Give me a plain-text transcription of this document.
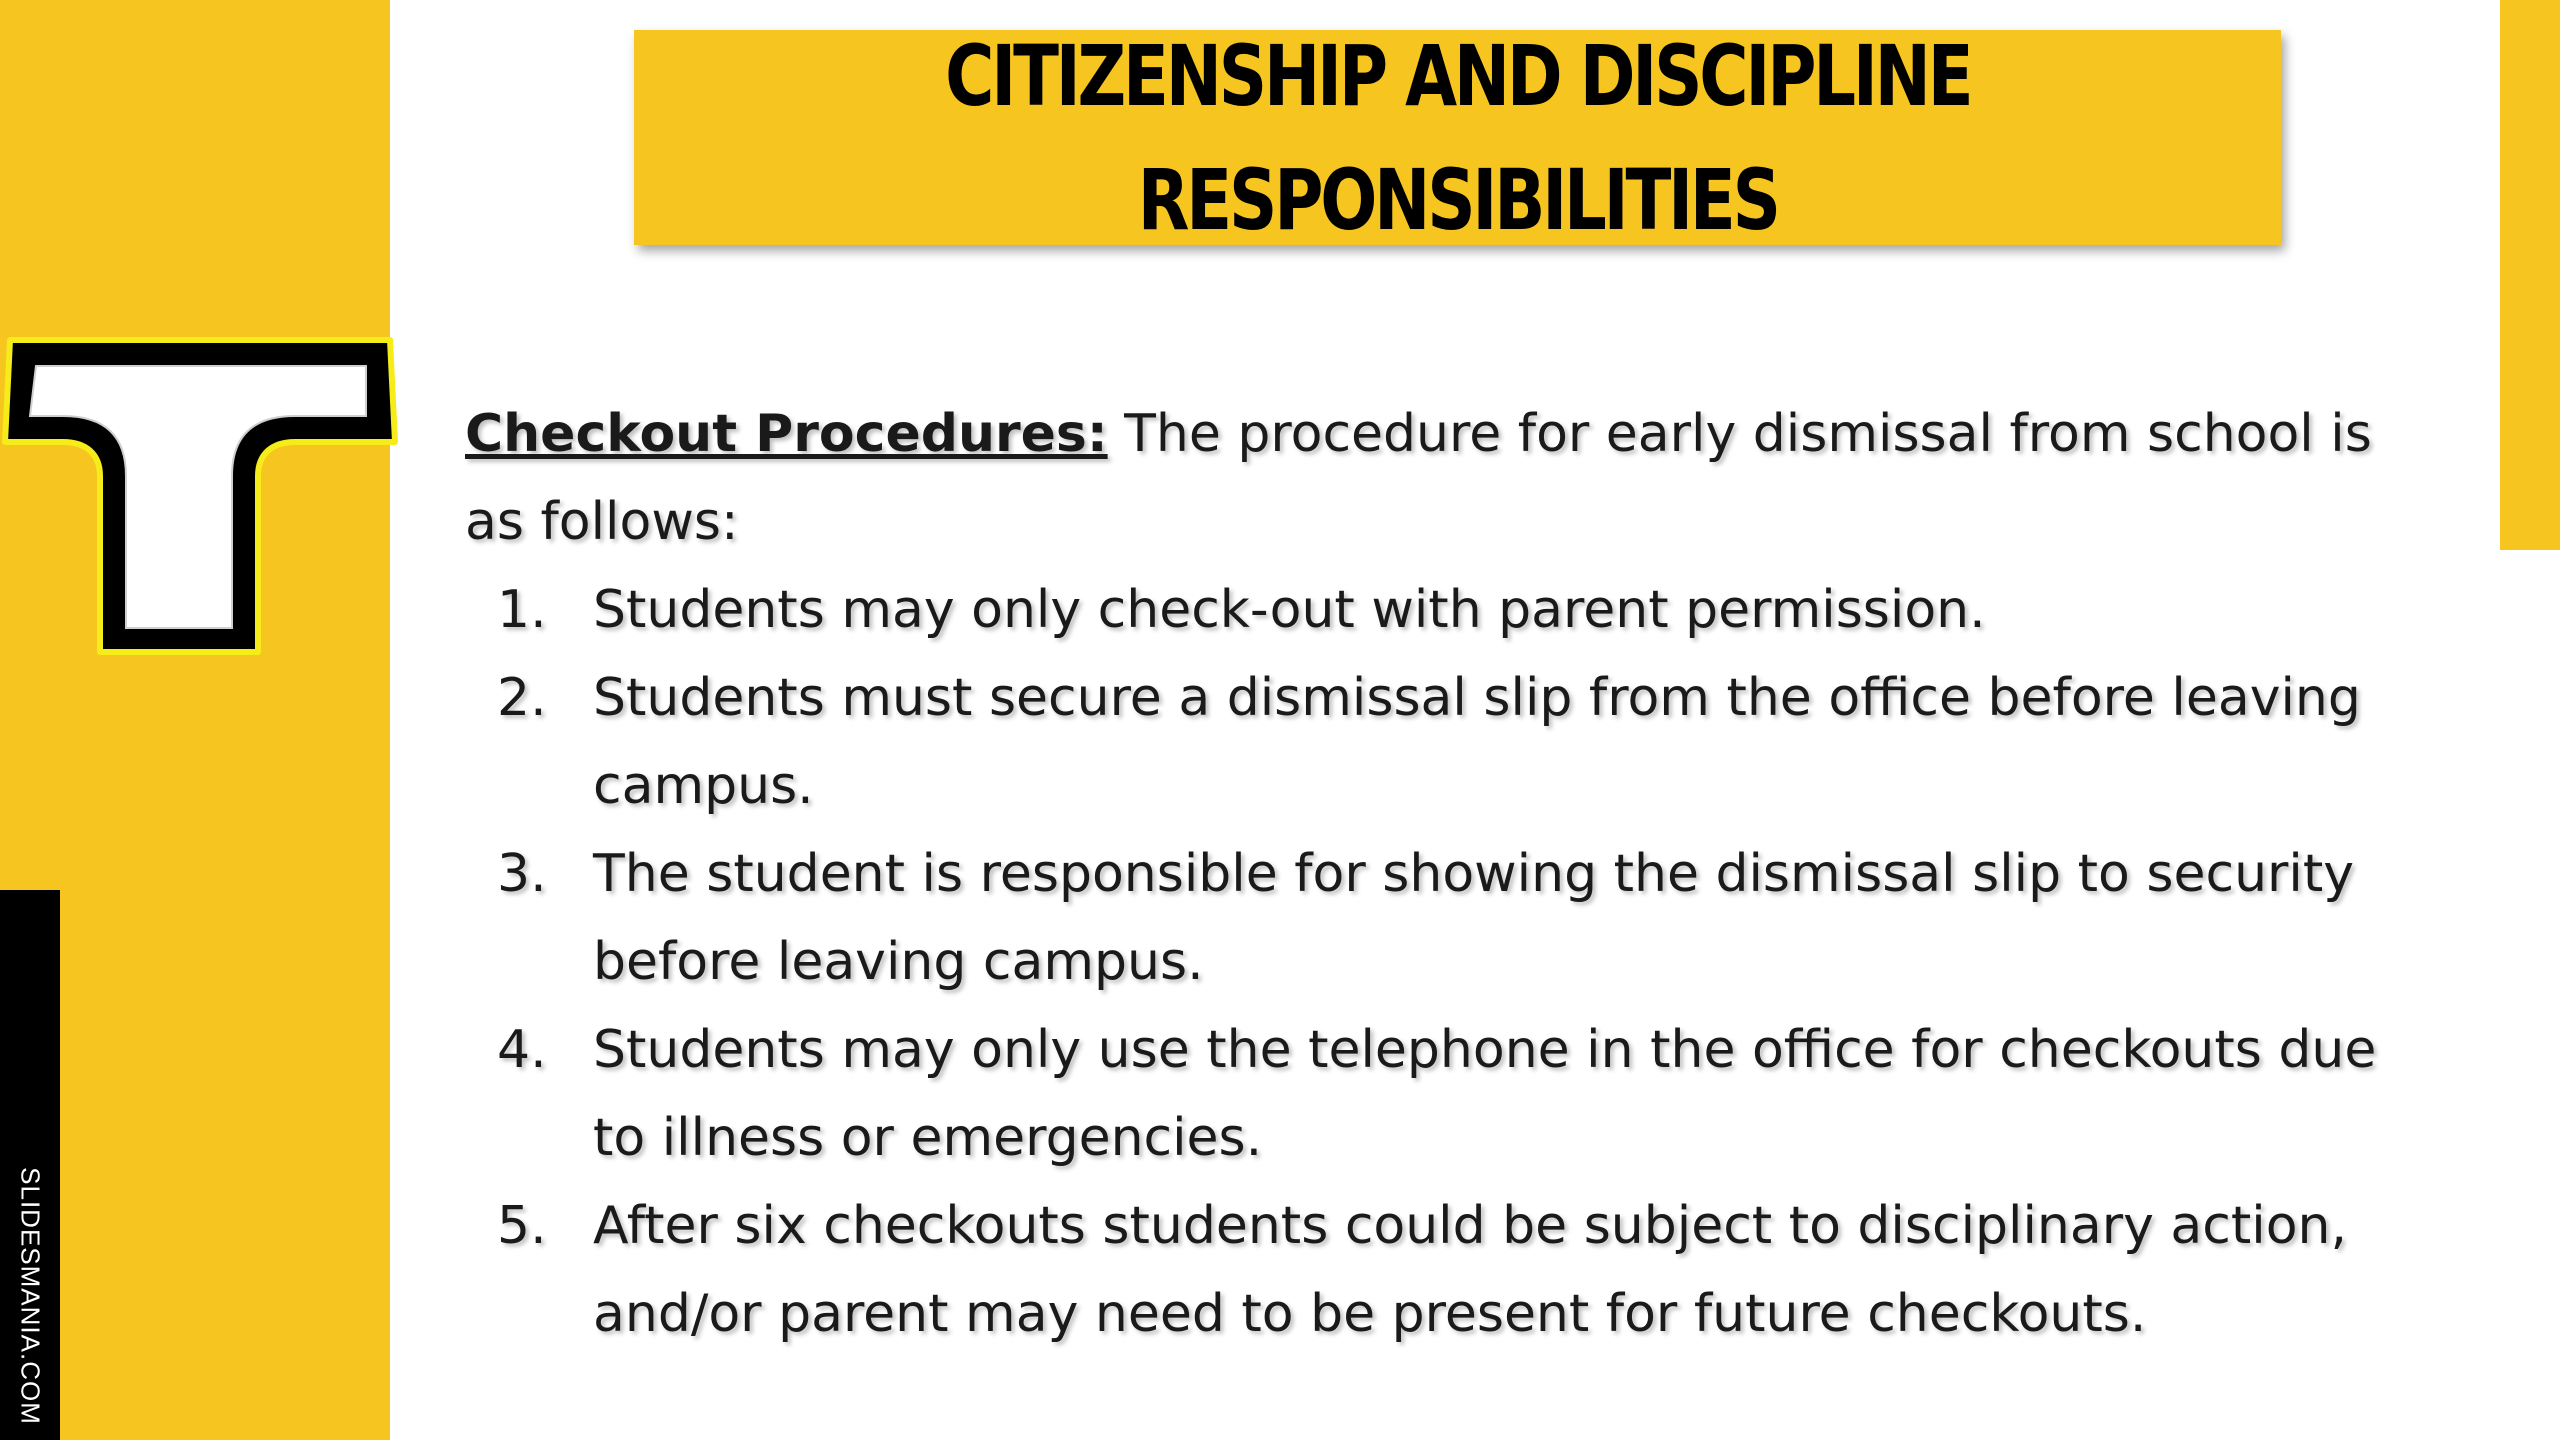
SLIDESMANIA.COM
CITIZENSHIP AND DISCIPLINE
RESPONSIBILITIES
Checkout Procedures: The procedure for early dismissal from school is as follows:
1. Students may only check-out with parent permission.
2. Students must secure a dismissal slip from the office before leaving campus.
3. The student is responsible for showing the dismissal slip to security before leaving campus.
4. Students may only use the telephone in the office for checkouts due to illness or emergencies.
5. After six checkouts students could be subject to disciplinary action, and/or parent may need to be present for future checkouts.
